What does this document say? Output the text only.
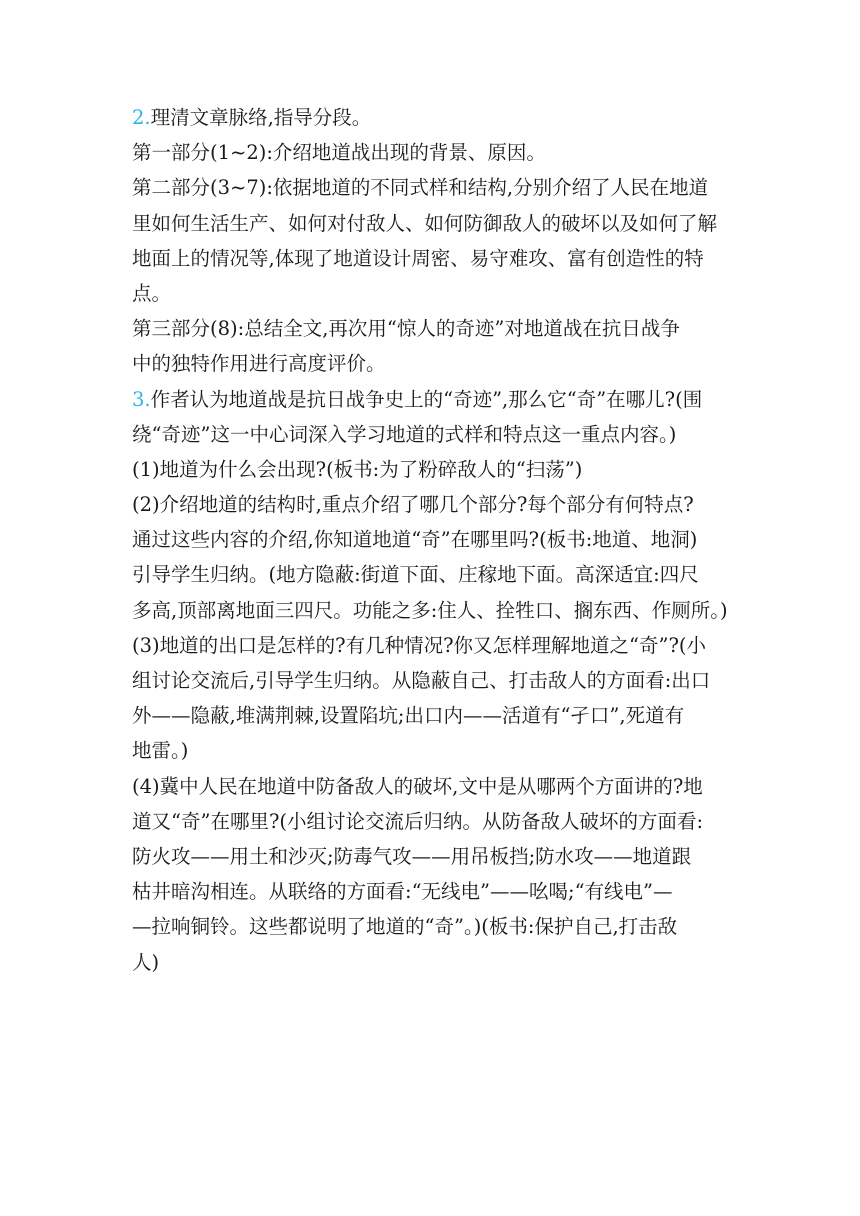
2.理清文章脉络,指导分段。
第一部分(1~2):介绍地道战出现的背景、原因。
第二部分(3~7):依据地道的不同式样和结构,分别介绍了人民在地道
里如何生活生产、如何对付敌人、如何防御敌人的破坏以及如何了解
地面上的情况等,体现了地道设计周密、易守难攻、富有创造性的特
点。
第三部分(8):总结全文,再次用“惊人的奇迹”对地道战在抗日战争
中的独特作用进行高度评价。
3.作者认为地道战是抗日战争史上的“奇迹”,那么它“奇”在哪儿?(围
绕“奇迹”这一中心词深入学习地道的式样和特点这一重点内容。)
(1)地道为什么会出现?(板书:为了粉碎敌人的“扫荡”)
(2)介绍地道的结构时,重点介绍了哪几个部分?每个部分有何特点?
通过这些内容的介绍,你知道地道“奇”在哪里吗?(板书:地道、地洞)
引导学生归纳。(地方隐蔽:街道下面、庄稼地下面。高深适宜:四尺
多高,顶部离地面三四尺。功能之多:住人、拴牲口、搁东西、作厕所。)
(3)地道的出口是怎样的?有几种情况?你又怎样理解地道之“奇”?(小
组讨论交流后,引导学生归纳。从隐蔽自己、打击敌人的方面看:出口
外——隐蔽,堆满荆棘,设置陷坑;出口内——活道有“孑口”,死道有
地雷。)
(4)冀中人民在地道中防备敌人的破坏,文中是从哪两个方面讲的?地
道又“奇”在哪里?(小组讨论交流后归纳。从防备敌人破坏的方面看:
防火攻——用土和沙灭;防毒气攻——用吊板挡;防水攻——地道跟
枯井暗沟相连。从联络的方面看:“无线电”——吆喝;“有线电”—
—拉响铜铃。这些都说明了地道的“奇”。)(板书:保护自己,打击敌
人)
